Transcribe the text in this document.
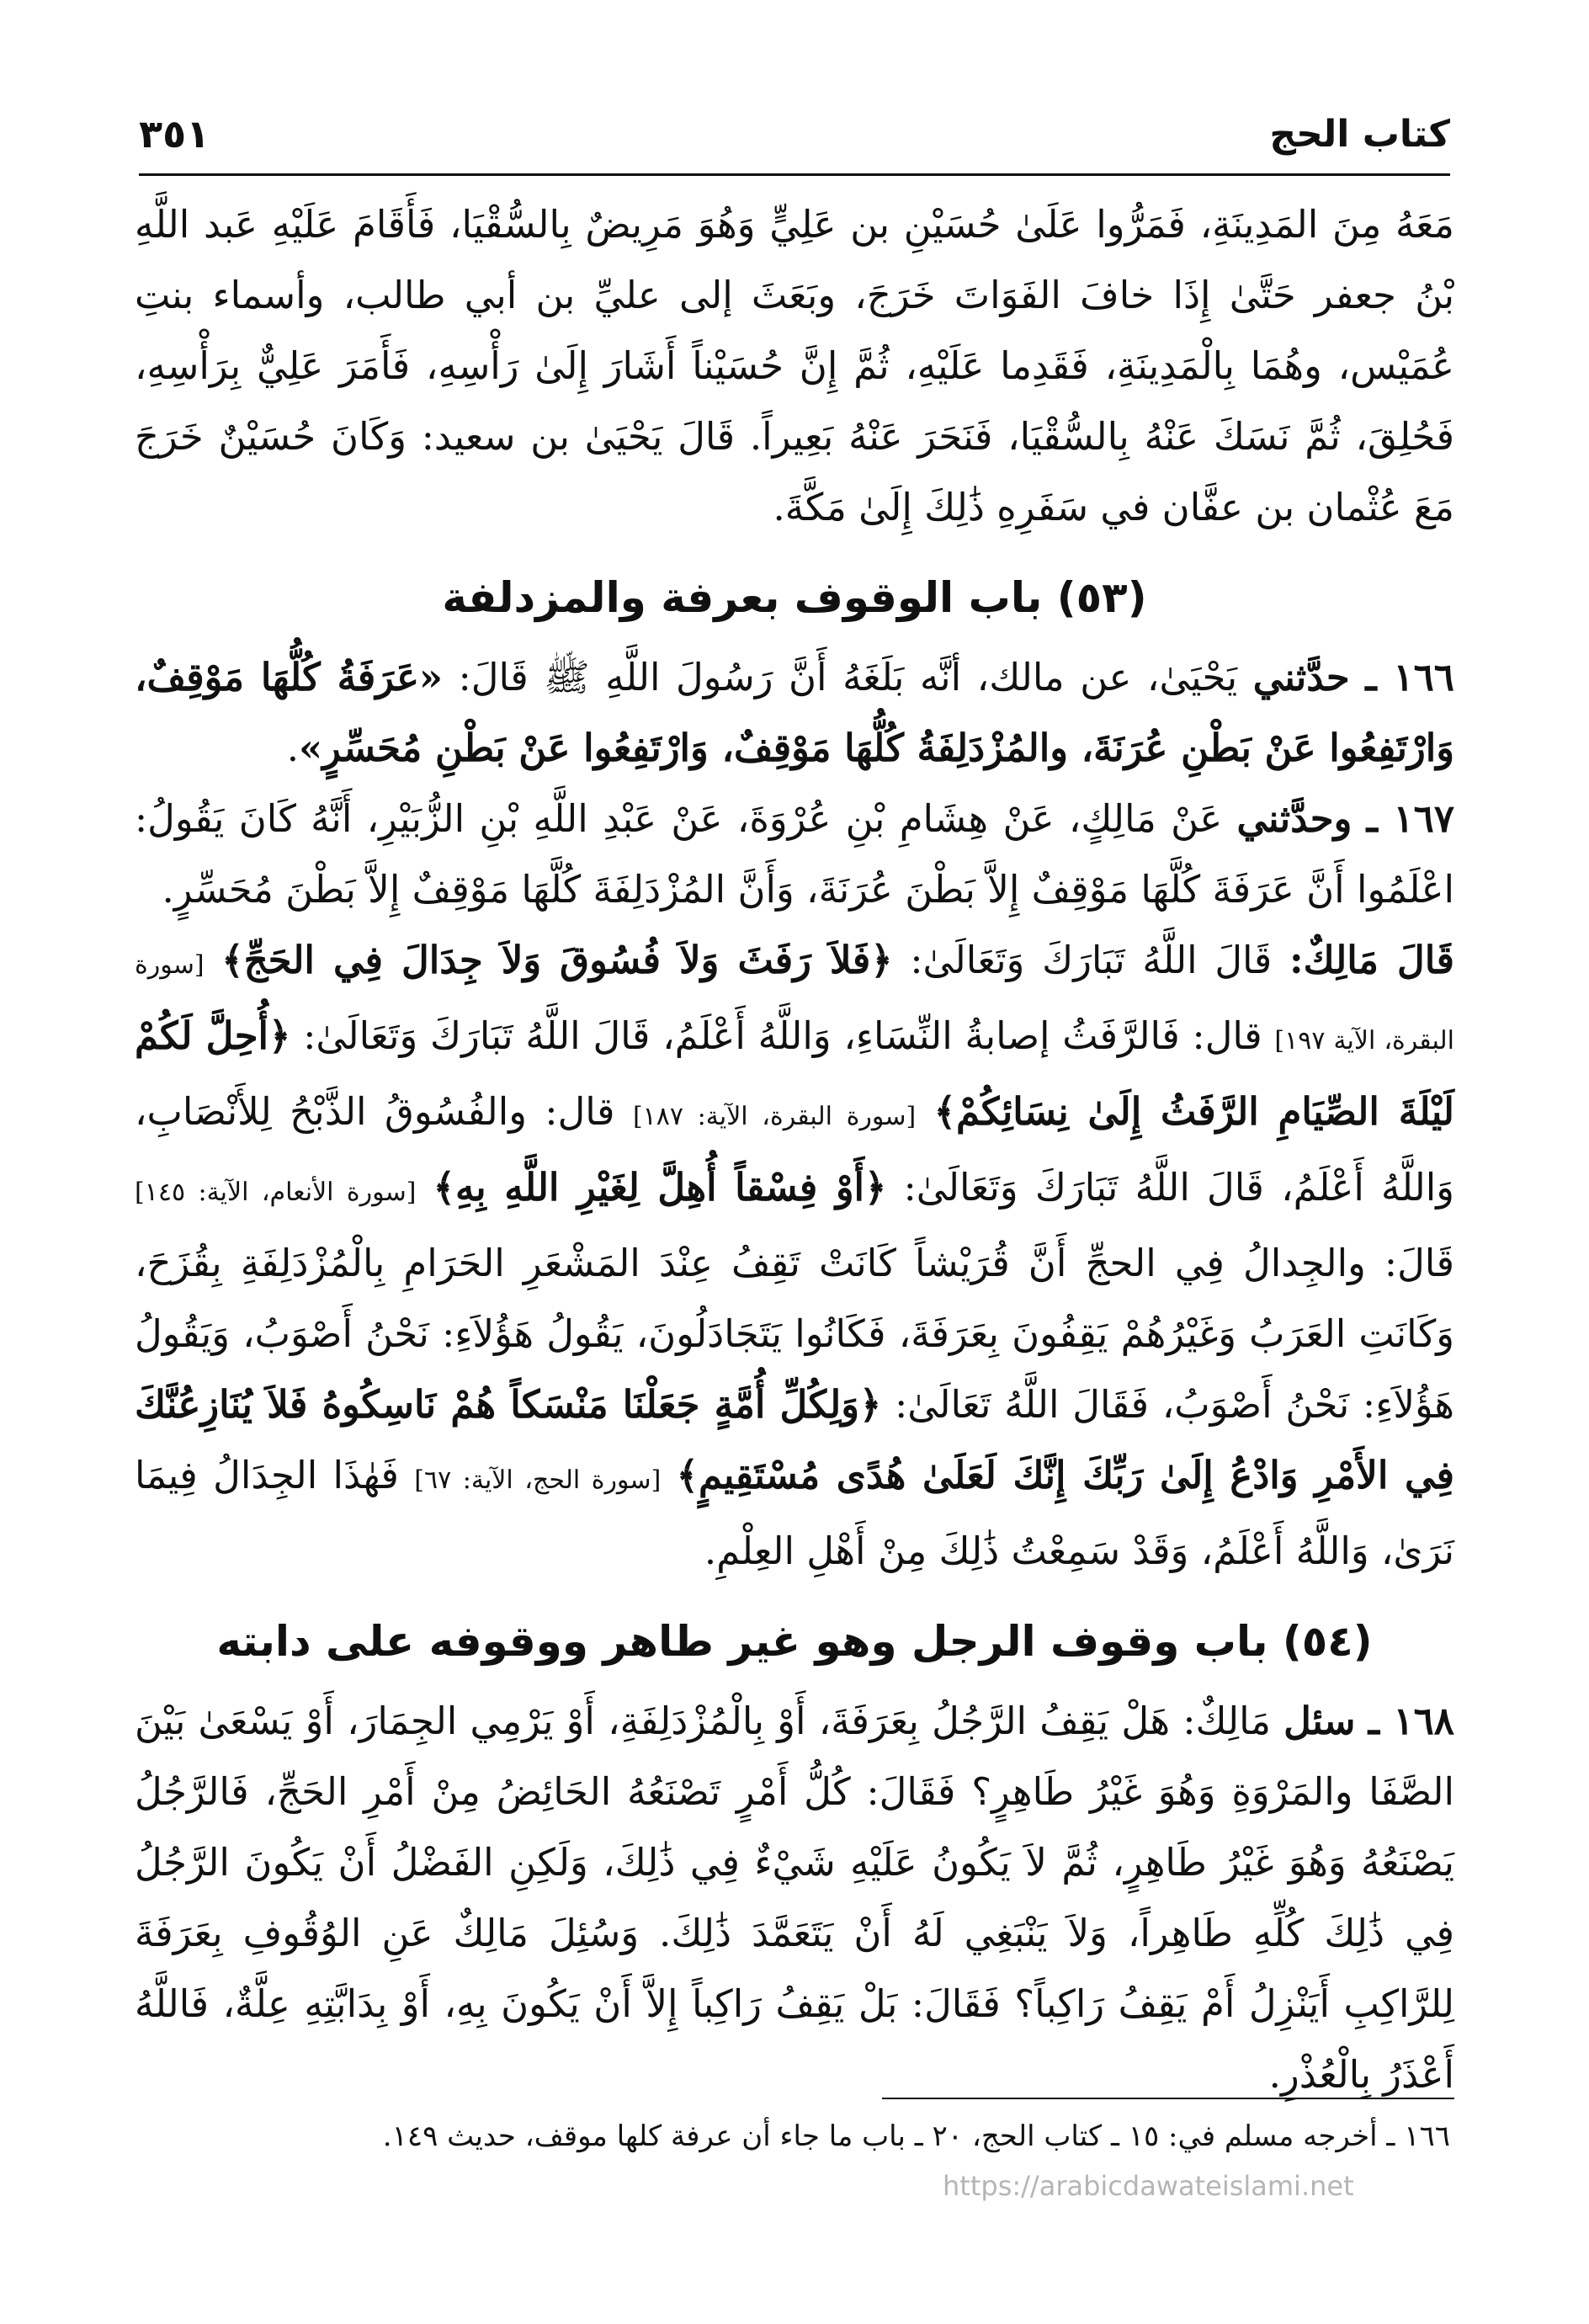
كتاب الحج
٣٥١

مَعَهُ مِنَ المَدِينَةِ، فَمَرُّوا عَلَىٰ حُسَيْنِ بن عَلِيٍّ وَهُوَ مَرِيضٌ بِالسُّقْيَا، فَأَقَامَ عَلَيْهِ عَبد اللَّهِ بْنُ جعفر حَتَّىٰ إِذَا خافَ الفَوَاتَ خَرَجَ، وبَعَثَ إلى عليِّ بن أبي طالب، وأسماء بنتِ عُمَيْس، وهُمَا بِالْمَدِينَةِ، فَقَدِما عَلَيْهِ، ثُمَّ إِنَّ حُسَيْناً أَشَارَ إِلَىٰ رَأْسِهِ، فَأَمَرَ عَلِيٌّ بِرَأْسِهِ، فَحُلِقَ، ثُمَّ نَسَكَ عَنْهُ بِالسُّقْيَا، فَنَحَرَ عَنْهُ بَعِيراً. قَالَ يَحْيَىٰ بن سعيد: وَكَانَ حُسَيْنٌ خَرَجَ مَعَ عُثْمان بن عفَّان في سَفَرِهِ ذَٰلِكَ إِلَىٰ مَكَّةَ.

(٥٣) باب الوقوف بعرفة والمزدلفة

١٦٦ ـ حدَّثني يَحْيَىٰ، عن مالك، أنَّه بَلَغَهُ أَنَّ رَسُولَ اللَّهِ ﷺ قَالَ: «عَرَفَةُ كُلُّهَا مَوْقِفٌ، وَارْتَفِعُوا عَنْ بَطْنِ عُرَنَةَ، والمُزْدَلِفَةُ كُلُّهَا مَوْقِفٌ، وَارْتَفِعُوا عَنْ بَطْنِ مُحَسِّرٍ».

١٦٧ ـ وحدَّثني عَنْ مَالِكٍ، عَنْ هِشَامِ بْنِ عُرْوَةَ، عَنْ عَبْدِ اللَّهِ بْنِ الزُّبَيْرِ، أَنَّهُ كَانَ يَقُولُ: اعْلَمُوا أَنَّ عَرَفَةَ كُلَّهَا مَوْقِفٌ إِلاَّ بَطْنَ عُرَنَةَ، وَأَنَّ المُزْدَلِفَةَ كُلَّهَا مَوْقِفٌ إِلاَّ بَطْنَ مُحَسِّرٍ.

قَالَ مَالِكٌ: قَالَ اللَّهُ تَبَارَكَ وَتَعَالَىٰ: ﴿فَلاَ رَفَثَ وَلاَ فُسُوقَ وَلاَ جِدَالَ فِي الحَجِّ﴾ [سورة البقرة، الآية ١٩٧] قال: فَالرَّفَثُ إصابةُ النِّسَاءِ، وَاللَّهُ أَعْلَمُ، قَالَ اللَّهُ تَبَارَكَ وَتَعَالَىٰ: ﴿أُحِلَّ لَكُمْ لَيْلَةَ الصِّيَامِ الرَّفَثُ إِلَىٰ نِسَائِكُمْ﴾ [سورة البقرة، الآية: ١٨٧] قال: والفُسُوقُ الذَّبْحُ لِلأَنْصَابِ، وَاللَّهُ أَعْلَمُ، قَالَ اللَّهُ تَبَارَكَ وَتَعَالَىٰ: ﴿أَوْ فِسْقاً أُهِلَّ لِغَيْرِ اللَّهِ بِهِ﴾ [سورة الأنعام، الآية: ١٤٥] قَالَ: والجِدالُ فِي الحجِّ أَنَّ قُرَيْشاً كَانَتْ تَقِفُ عِنْدَ المَشْعَرِ الحَرَامِ بِالْمُزْدَلِفَةِ بِقُزَحَ، وَكَانَتِ العَرَبُ وَغَيْرُهُمْ يَقِفُونَ بِعَرَفَةَ، فَكَانُوا يَتَجَادَلُونَ، يَقُولُ هَؤُلاَءِ: نَحْنُ أَصْوَبُ، وَيَقُولُ هَؤُلاَءِ: نَحْنُ أَصْوَبُ، فَقَالَ اللَّهُ تَعَالَىٰ: ﴿وَلِكُلِّ أُمَّةٍ جَعَلْنَا مَنْسَكاً هُمْ نَاسِكُوهُ فَلاَ يُنَازِعُنَّكَ فِي الأَمْرِ وَادْعُ إِلَىٰ رَبِّكَ إِنَّكَ لَعَلَىٰ هُدًى مُسْتَقِيمٍ﴾ [سورة الحج، الآية: ٦٧] فَهٰذَا الجِدَالُ فِيمَا نَرَىٰ، وَاللَّهُ أَعْلَمُ، وَقَدْ سَمِعْتُ ذَٰلِكَ مِنْ أَهْلِ العِلْمِ.

(٥٤) باب وقوف الرجل وهو غير طاهر ووقوفه على دابته

١٦٨ ـ سئل مَالِكٌ: هَلْ يَقِفُ الرَّجُلُ بِعَرَفَةَ، أَوْ بِالْمُزْدَلِفَةِ، أَوْ يَرْمِي الجِمَارَ، أَوْ يَسْعَىٰ بَيْنَ الصَّفَا والمَرْوَةِ وَهُوَ غَيْرُ طَاهِرٍ؟ فَقَالَ: كُلُّ أَمْرٍ تَصْنَعُهُ الحَائِضُ مِنْ أَمْرِ الحَجِّ، فَالرَّجُلُ يَصْنَعُهُ وَهُوَ غَيْرُ طَاهِرٍ، ثُمَّ لاَ يَكُونُ عَلَيْهِ شَيْءٌ فِي ذَٰلِكَ، وَلَكِنِ الفَضْلُ أَنْ يَكُونَ الرَّجُلُ فِي ذَٰلِكَ كُلِّهِ طَاهِراً، وَلاَ يَنْبَغِي لَهُ أَنْ يَتَعَمَّدَ ذَٰلِكَ. وَسُئِلَ مَالِكٌ عَنِ الوُقُوفِ بِعَرَفَةَ لِلرَّاكِبِ أَيَنْزِلُ أَمْ يَقِفُ رَاكِباً؟ فَقَالَ: بَلْ يَقِفُ رَاكِباً إِلاَّ أَنْ يَكُونَ بِهِ، أَوْ بِدَابَّتِهِ عِلَّةٌ، فَاللَّهُ أَعْذَرُ بِالْعُذْرِ.

١٦٦ ـ أخرجه مسلم في: ١٥ ـ كتاب الحج، ٢٠ ـ باب ما جاء أن عرفة كلها موقف، حديث ١٤٩.
https://arabicdawateislami.net
